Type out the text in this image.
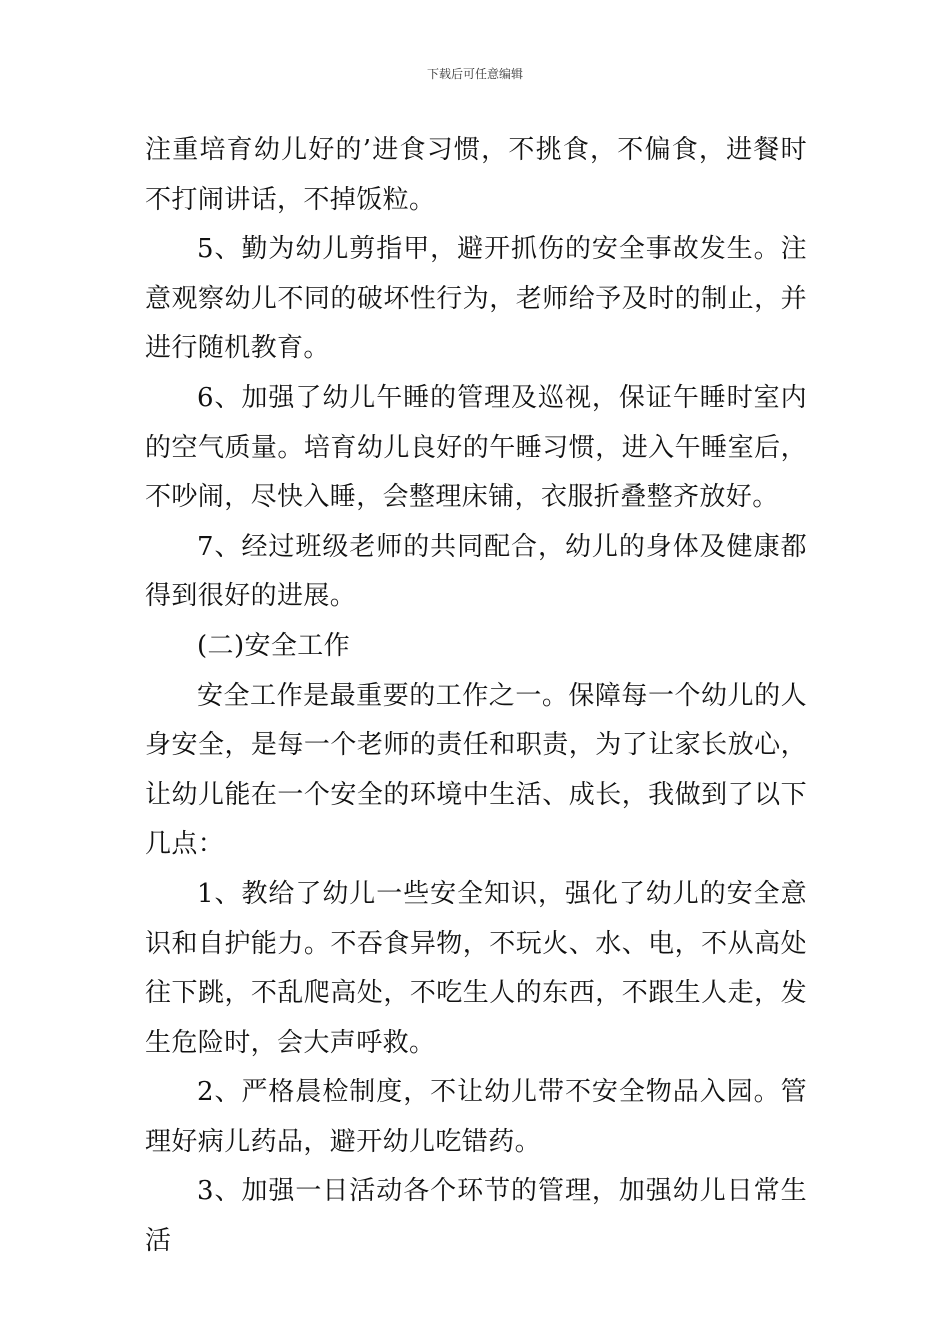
下载后可任意编辑

注重培育幼儿好的’进食习惯，不挑食，不偏食，进餐时不打闹讲话，不掉饭粒。

5、勤为幼儿剪指甲，避开抓伤的安全事故发生。注意观察幼儿不同的破坏性行为，老师给予及时的制止，并进行随机教育。

6、加强了幼儿午睡的管理及巡视，保证午睡时室内的空气质量。培育幼儿良好的午睡习惯，进入午睡室后，不吵闹，尽快入睡，会整理床铺，衣服折叠整齐放好。

7、经过班级老师的共同配合，幼儿的身体及健康都得到很好的进展。

(二)安全工作

安全工作是最重要的工作之一。保障每一个幼儿的人身安全，是每一个老师的责任和职责，为了让家长放心，让幼儿能在一个安全的环境中生活、成长，我做到了以下几点：

1、教给了幼儿一些安全知识，强化了幼儿的安全意识和自护能力。不吞食异物，不玩火、水、电，不从高处往下跳，不乱爬高处，不吃生人的东西，不跟生人走，发生危险时，会大声呼救。

2、严格晨检制度，不让幼儿带不安全物品入园。管理好病儿药品，避开幼儿吃错药。

3、加强一日活动各个环节的管理，加强幼儿日常生活
